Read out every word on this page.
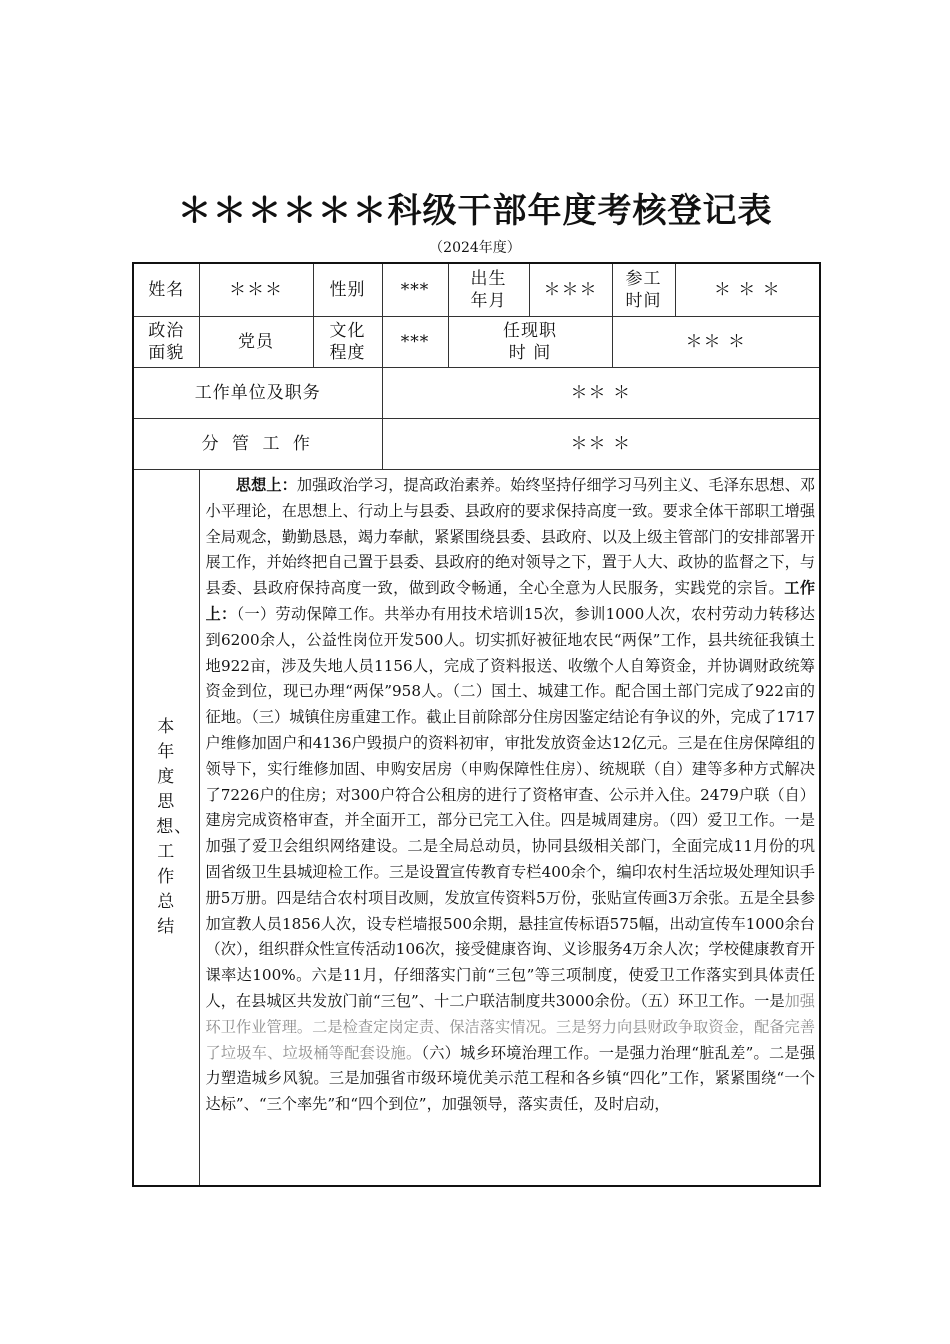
＊＊＊＊＊＊科级干部年度考核登记表
（2024年度）
姓名	＊＊＊	性别	***	出生年月	＊＊＊	参工时间	＊ ＊ ＊
政治面貌	党员	文化程度	***	任现职时 间		＊＊ ＊	
工作单位及职务			＊＊ ＊				
分 管 工 作			＊＊ ＊				
本年度思想、工作总结	思想上：加强政治学习，提高政治素养。始终坚持仔细学习马列主义、毛泽东思想、邓小平理论，在思想上、行动上与县委、县政府的要求保持高度一致。要求全体干部职工增强全局观念，勤勤恳恳，竭力奉献，紧紧围绕县委、县政府、以及上级主管部门的安排部署开展工作，并始终把自己置于县委、县政府的绝对领导之下，置于人大、政协的监督之下，与县委、县政府保持高度一致，做到政令畅通，全心全意为人民服务，实践党的宗旨。工作上：（一）劳动保障工作。共举办有用技术培训15次，参训1000人次，农村劳动力转移达到6200余人，公益性岗位开发500人。切实抓好被征地农民“两保”工作，县共统征我镇土地922亩，涉及失地人员1156人，完成了资料报送、收缴个人自筹资金，并协调财政统筹资金到位，现已办理“两保”958人。（二）国土、城建工作。配合国土部门完成了922亩的征地。（三）城镇住房重建工作。截止目前除部分住房因鉴定结论有争议的外，完成了1717户维修加固户和4136户毁损户的资料初审，审批发放资金达12亿元。三是在住房保障组的领导下，实行维修加固、申购安居房（申购保障性住房）、统规联（自）建等多种方式解决了7226户的住房；对300户符合公租房的进行了资格审查、公示并入住。2479户联（自）建房完成资格审查，并全面开工，部分已完工入住。四是城周建房。（四）爱卫工作。一是加强了爱卫会组织网络建设。二是全局总动员，协同县级相关部门，全面完成11月份的巩固省级卫生县城迎检工作。三是设置宣传教育专栏400余个，编印农村生活垃圾处理知识手册5万册。四是结合农村项目改厕，发放宣传资料5万份，张贴宣传画3万余张。五是全县参加宣教人员1856人次，设专栏墙报500余期，悬挂宣传标语575幅，出动宣传车1000余台（次），组织群众性宣传活动106次，接受健康咨询、义诊服务4万余人次；学校健康教育开课率达100%。六是11月，仔细落实门前“三包”等三项制度，使爱卫工作落实到具体责任人，在县城区共发放门前“三包”、十二户联洁制度共3000余份。（五）环卫工作。一是加强环卫作业管理。二是检查定岗定责、保洁落实情况。三是努力向县财政争取资金，配备完善了垃圾车、垃圾桶等配套设施。（六）城乡环境治理工作。一是强力治理“脏乱差”。二是强力塑造城乡风貌。三是加强省市级环境优美示范工程和各乡镇“四化”工作，紧紧围绕“一个达标”、“三个率先”和“四个到位”，加强领导，落实责任，及时启动，						
